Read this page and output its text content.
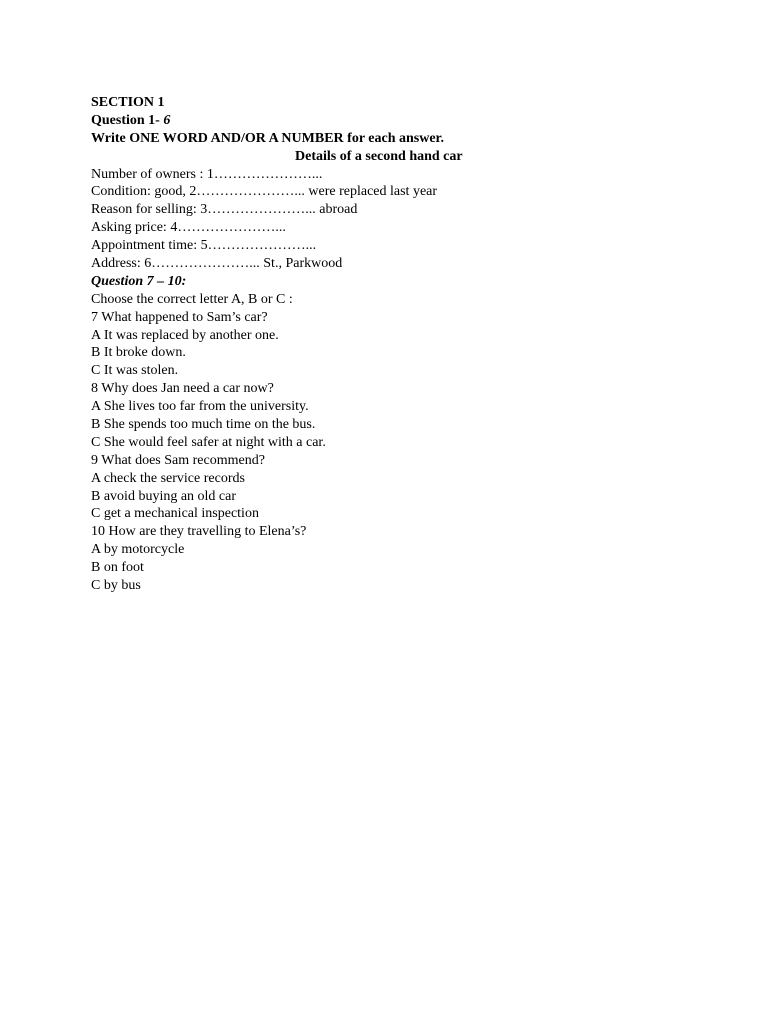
SECTION 1
Question 1- 6
Write ONE WORD AND/OR A NUMBER for each answer.
Details of a second hand car
Number of owners : 1…………………...
Condition: good, 2…………………... were replaced last year
Reason for selling: 3…………………... abroad
Asking price: 4…………………...
Appointment time: 5…………………...
Address: 6…………………... St., Parkwood
Question 7 – 10:
Choose the correct letter A, B or C :
7 What happened to Sam’s car?
A It was replaced by another one.
B It broke down.
C It was stolen.
8 Why does Jan need a car now?
A She lives too far from the university.
B She spends too much time on the bus.
C She would feel safer at night with a car.
9 What does Sam recommend?
A check the service records
B avoid buying an old car
C get a mechanical inspection
10 How are they travelling to Elena’s?
A by motorcycle
B on foot
C by bus
